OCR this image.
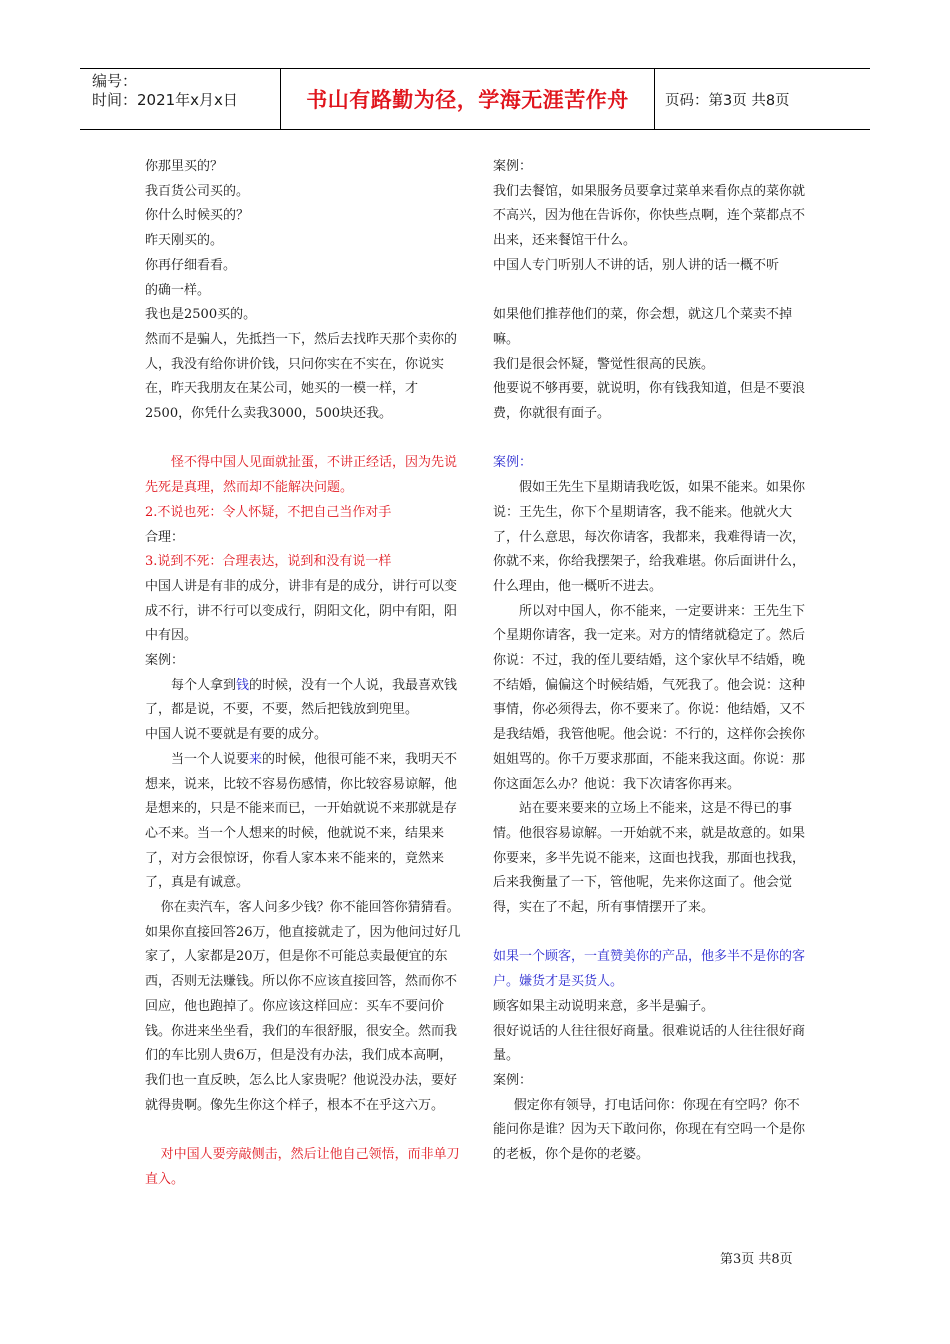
编号：
时间：2021年x月x日	书山有路勤为径，学海无涯苦作舟	页码：第3页 共8页

你那里买的？

我百货公司买的。

你什么时候买的？

昨天刚买的。

你再仔细看看。

的确一样。

我也是2500买的。

然而不是骗人，先抵挡一下，然后去找昨天那个卖你的人，我没有给你讲价钱，只问你实在不实在，你说实在，昨天我朋友在某公司，她买的一模一样，才2500，你凭什么卖我3000，500块还我。

怪不得中国人见面就扯蛋，不讲正经话，因为先说先死是真理，然而却不能解决问题。

2.不说也死：令人怀疑，不把自己当作对手

合理：

3.说到不死：合理表达，说到和没有说一样

中国人讲是有非的成分，讲非有是的成分，讲行可以变成不行，讲不行可以变成行，阴阳文化，阴中有阳，阳中有因。

案例：

每个人拿到钱的时候，没有一个人说，我最喜欢钱了，都是说，不要，不要，然后把钱放到兜里。

中国人说不要就是有要的成分。

当一个人说要来的时候，他很可能不来，我明天不想来，说来，比较不容易伤感情，你比较容易谅解，他是想来的，只是不能来而已，一开始就说不来那就是存心不来。当一个人想来的时候，他就说不来，结果来了，对方会很惊讶，你看人家本来不能来的，竟然来了，真是有诚意。

你在卖汽车，客人问多少钱？你不能回答你猜猜看。如果你直接回答26万，他直接就走了，因为他问过好几家了，人家都是20万，但是你不可能总卖最便宜的东西，否则无法赚钱。所以你不应该直接回答，然而你不回应，他也跑掉了。你应该这样回应：买车不要问价钱。你进来坐坐看，我们的车很舒服，很安全。然而我们的车比别人贵6万，但是没有办法，我们成本高啊，我们也一直反映，怎么比人家贵呢？他说没办法，要好就得贵啊。像先生你这个样子，根本不在乎这六万。

对中国人要旁敲侧击，然后让他自己领悟，而非单刀直入。

案例：

我们去餐馆，如果服务员要拿过菜单来看你点的菜你就不高兴，因为他在告诉你，你快些点啊，连个菜都点不出来，还来餐馆干什么。

中国人专门听别人不讲的话，别人讲的话一概不听

如果他们推荐他们的菜，你会想，就这几个菜卖不掉嘛。

我们是很会怀疑，警觉性很高的民族。

他要说不够再要，就说明，你有钱我知道，但是不要浪费，你就很有面子。

案例：

假如王先生下星期请我吃饭，如果不能来。如果你说：王先生，你下个星期请客，我不能来。他就火大了，什么意思，每次你请客，我都来，我难得请一次，你就不来，你给我摆架子，给我难堪。你后面讲什么，什么理由，他一概听不进去。

所以对中国人，你不能来，一定要讲来：王先生下个星期你请客，我一定来。对方的情绪就稳定了。然后你说：不过，我的侄儿要结婚，这个家伙早不结婚，晚不结婚，偏偏这个时候结婚，气死我了。他会说：这种事情，你必须得去，你不要来了。你说：他结婚，又不是我结婚，我管他呢。他会说：不行的，这样你会挨你姐姐骂的。你千万要求那面，不能来我这面。你说：那你这面怎么办？他说：我下次请客你再来。

站在要来要来的立场上不能来，这是不得已的事情。他很容易谅解。一开始就不来，就是故意的。如果你要来，多半先说不能来，这面也找我，那面也找我，后来我衡量了一下，管他呢，先来你这面了。他会觉得，实在了不起，所有事情摆开了来。

如果一个顾客，一直赞美你的产品，他多半不是你的客户。嫌货才是买货人。

顾客如果主动说明来意，多半是骗子。

很好说话的人往往很好商量。很难说话的人往往很好商量。

案例：

假定你有领导，打电话问你：你现在有空吗？你不能问你是谁？因为天下敢问你，你现在有空吗一个是你的老板，你个是你的老婆。

第3页 共8页
